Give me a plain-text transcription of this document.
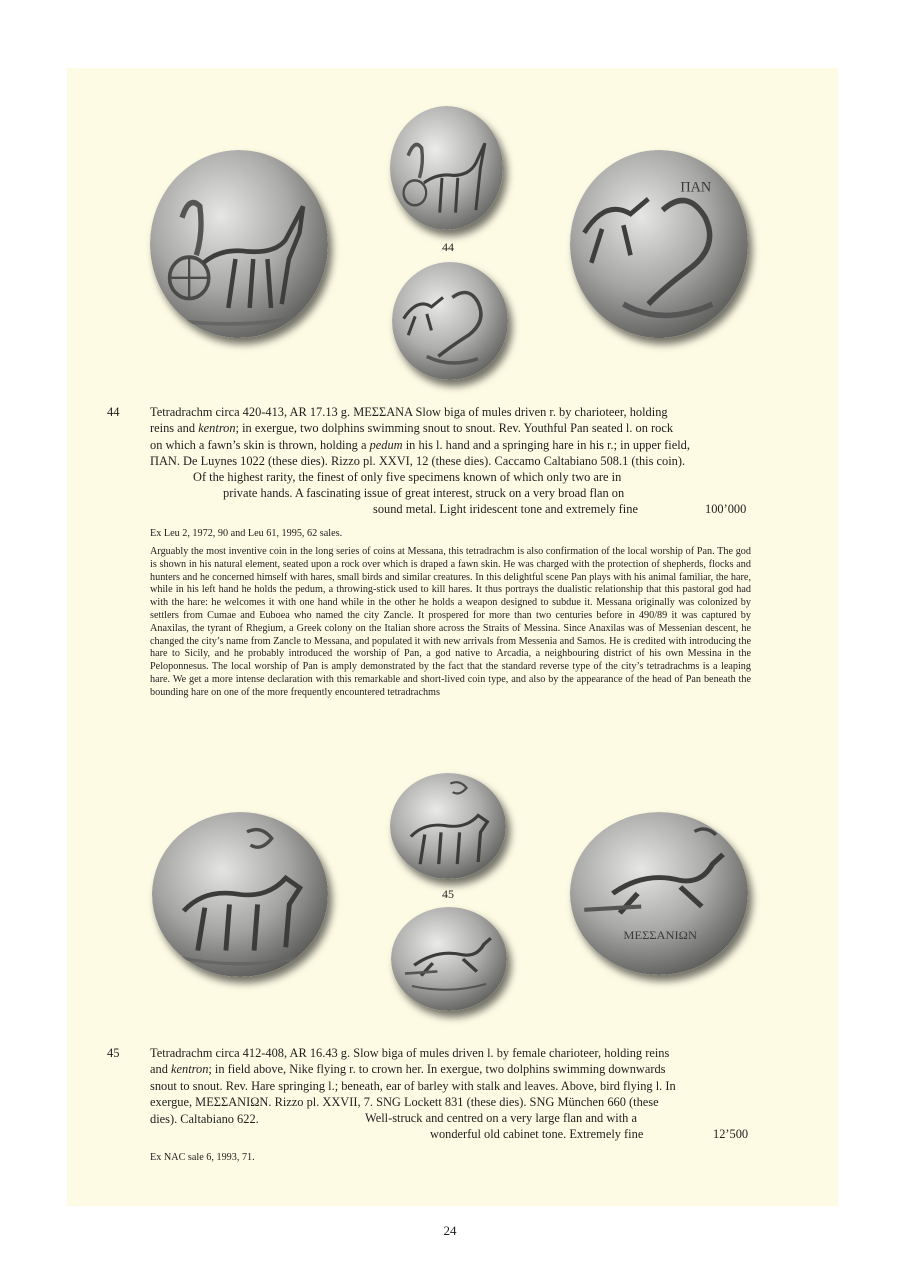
44
ΠΑΝ
44 Tetradrachm circa 420-413, AR 17.13 g. ΜΕΣΣΑΝΑ Slow biga of mules driven r. by charioteer, holding
reins and kentron; in exergue, two dolphins swimming snout to snout. Rev. Youthful Pan seated l. on rock
on which a fawn’s skin is thrown, holding a pedum in his l. hand and a springing hare in his r.; in upper field,
ΠΑΝ. De Luynes 1022 (these dies). Rizzo pl. XXVI, 12 (these dies). Caccamo Caltabiano 508.1 (this coin).
Of the highest rarity, the finest of only five specimens known of which only two are in
private hands. A fascinating issue of great interest, struck on a very broad flan on
sound metal. Light iridescent tone and extremely fine	100’000
Ex Leu 2, 1972, 90 and Leu 61, 1995, 62 sales.
Arguably the most inventive coin in the long series of coins at Messana, this tetradrachm is also confirmation of the local worship of Pan. The god is shown in his natural element, seated upon a rock over which is draped a fawn skin. He was charged with the protection of shepherds, flocks and hunters and he concerned himself with hares, small birds and similar creatures. In this delightful scene Pan plays with his animal familiar, the hare, while in his left hand he holds the pedum, a throwing-stick used to kill hares. It thus portrays the dualistic relationship that this pastoral god had with the hare: he welcomes it with one hand while in the other he holds a weapon designed to subdue it. Messana originally was colonized by settlers from Cumae and Euboea who named the city Zancle. It prospered for more than two centuries before in 490/89 it was captured by Anaxilas, the tyrant of Rhegium, a Greek colony on the Italian shore across the Straits of Messina. Since Anaxilas was of Messenian descent, he changed the city’s name from Zancle to Messana, and populated it with new arrivals from Messenia and Samos. He is credited with introducing the hare to Sicily, and he probably introduced the worship of Pan, a god native to Arcadia, a neighbouring district of his own Messina in the Peloponnesus. The local worship of Pan is amply demonstrated by the fact that the standard reverse type of the city’s tetradrachms is a leaping hare. We get a more intense declaration with this remarkable and short-lived coin type, and also by the appearance of the head of Pan beneath the bounding hare on one of the more frequently encountered tetradrachms
45
ΜΕΣΣΑΝΙΩΝ
45 Tetradrachm circa 412-408, AR 16.43 g. Slow biga of mules driven l. by female charioteer, holding reins
and kentron; in field above, Nike flying r. to crown her. In exergue, two dolphins swimming downwards
snout to snout. Rev. Hare springing l.; beneath, ear of barley with stalk and leaves. Above, bird flying l. In
exergue, ΜΕΣΣΑΝΙΩΝ. Rizzo pl. XXVII, 7. SNG Lockett 831 (these dies). SNG München 660 (these
dies). Caltabiano 622.	Well-struck and centred on a very large flan and with a
wonderful old cabinet tone. Extremely fine	12’500
Ex NAC sale 6, 1993, 71.
24
